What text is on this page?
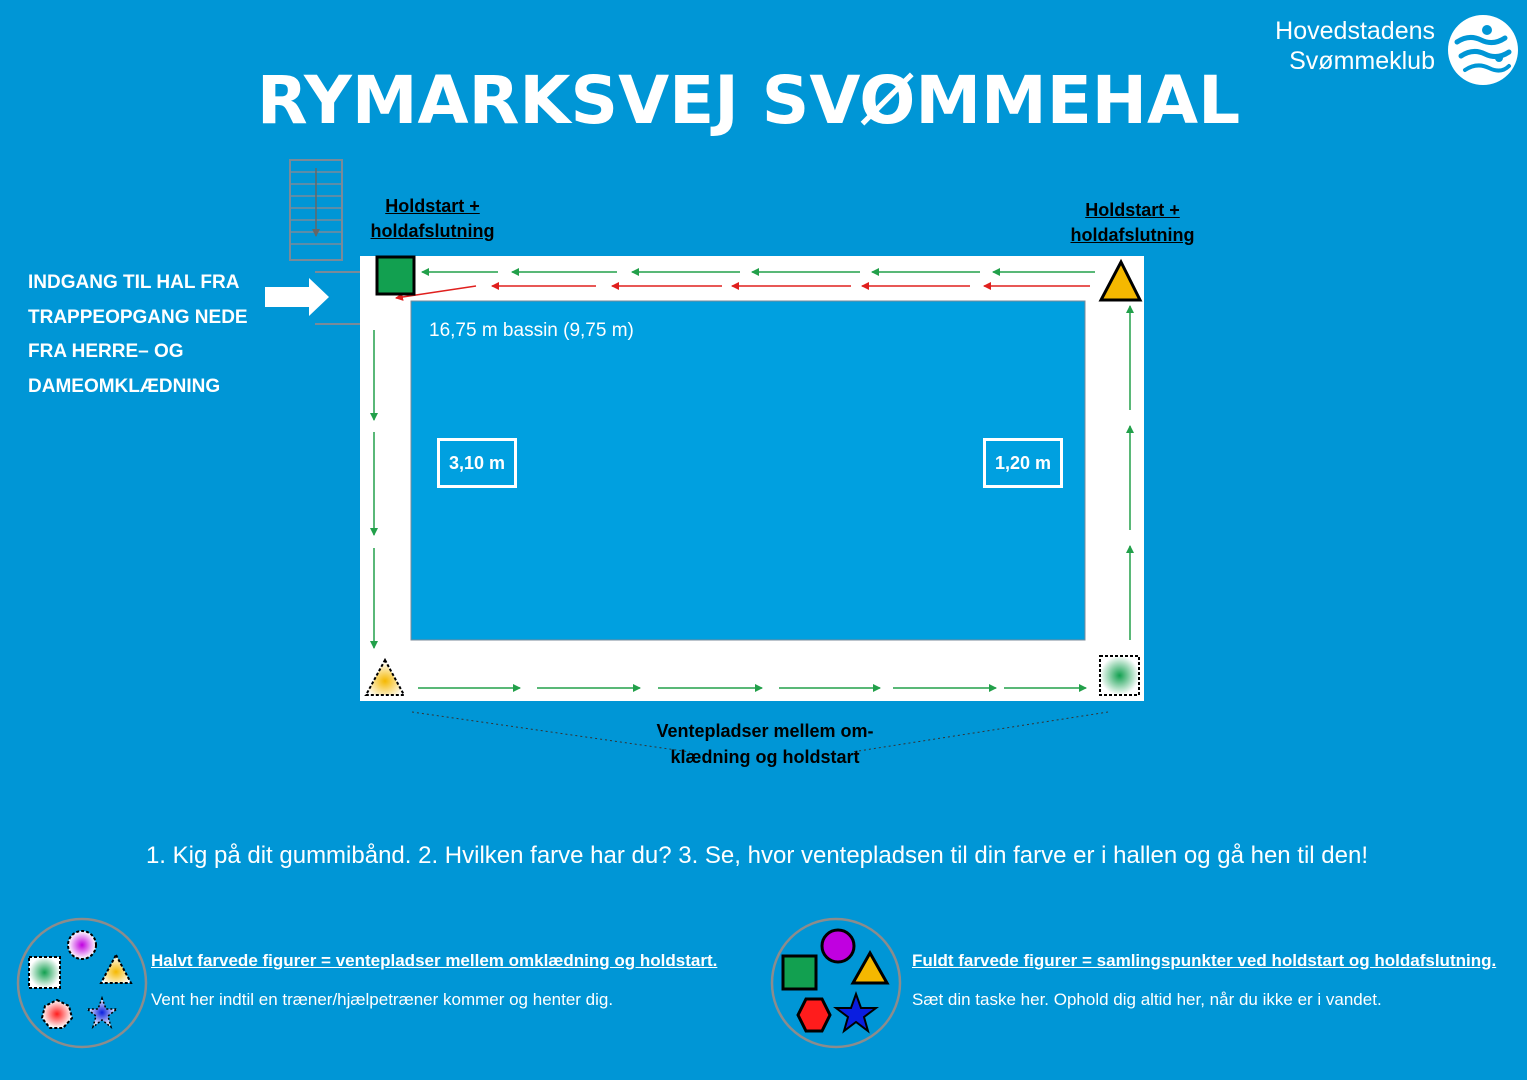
RYMARKSVEJ SVØMMEHAL
Hovedstadens
Svømmeklub
INDGANG TIL HAL FRA TRAPPEOPGANG NEDE FRA HERRE– OG DAMEOMKLÆDNING
Holdstart +
holdafslutning
Holdstart +
holdafslutning
16,75 m bassin (9,75 m)
3,10 m	1,20 m
Ventepladser mellem om-
klædning og holdstart
1. Kig på dit gummibånd. 2. Hvilken farve har du? 3. Se, hvor ventepladsen til din farve er i hallen og gå hen til den!
Halvt farvede figurer = ventepladser mellem omklædning og holdstart.
Vent her indtil en træner/hjælpetræner kommer og henter dig.
Fuldt farvede figurer = samlingspunkter ved holdstart og holdafslutning.
Sæt din taske her. Ophold dig altid her, når du ikke er i vandet.
